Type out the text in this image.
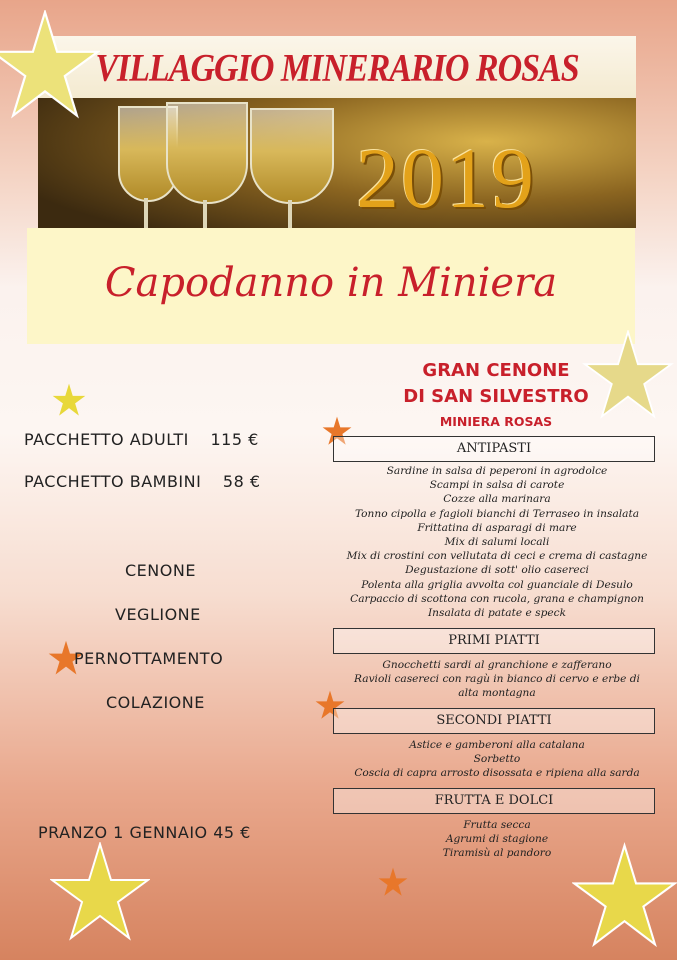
VILLAGGIO MINERARIO ROSAS
2019
Capodanno in Miniera
GRAN CENONE
DI SAN SILVESTRO
MINIERA ROSAS
PACCHETTO ADULTI 115 €
PACCHETTO BAMBINI 58 €
CENONE
VEGLIONE
PERNOTTAMENTO
COLAZIONE
PRANZO 1 GENNAIO 45 €
ANTIPASTI
Sardine in salsa di peperoni in agrodolce
Scampi in salsa di carote
Cozze alla marinara
Tonno cipolla e fagioli bianchi di Terraseo in insalata
Frittatina di asparagi di mare
Mix di salumi locali
Mix di crostini con vellutata di ceci e crema di castagne
Degustazione di sott' olio casereci
Polenta alla griglia avvolta col guanciale di Desulo
Carpaccio di scottona con rucola, grana e champignon
Insalata di patate e speck
PRIMI PIATTI
Gnocchetti sardi al granchione e zafferano
Ravioli casereci con ragù in bianco di cervo e erbe di
alta montagna
SECONDI PIATTI
Astice e gamberoni alla catalana
Sorbetto
Coscia di capra arrosto disossata e ripiena alla sarda
FRUTTA E DOLCI
Frutta secca
Agrumi di stagione
Tiramisù al pandoro
